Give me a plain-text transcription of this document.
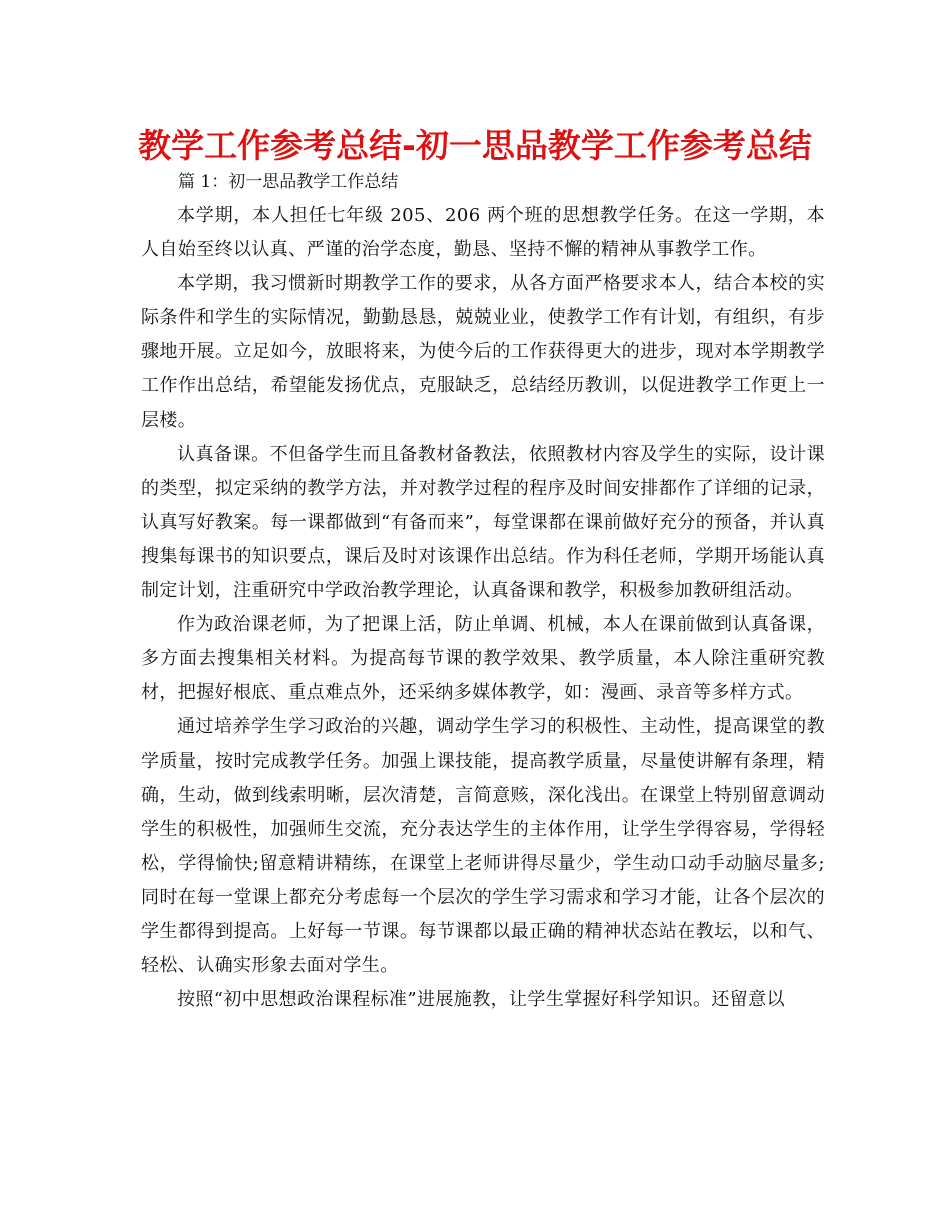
教学工作参考总结-初一思品教学工作参考总结
篇 1：初一思品教学工作总结

本学期，本人担任七年级 205、206 两个班的思想教学任务。在这一学期，本人自始至终以认真、严谨的治学态度，勤恳、坚持不懈的精神从事教学工作。

本学期，我习惯新时期教学工作的要求，从各方面严格要求本人，结合本校的实际条件和学生的实际情况，勤勤恳恳，兢兢业业，使教学工作有计划，有组织，有步骤地开展。立足如今，放眼将来，为使今后的工作获得更大的进步，现对本学期教学工作作出总结，希望能发扬优点，克服缺乏，总结经历教训，以促进教学工作更上一层楼。

认真备课。不但备学生而且备教材备教法，依照教材内容及学生的实际，设计课的类型，拟定采纳的教学方法，并对教学过程的程序及时间安排都作了详细的记录，认真写好教案。每一课都做到“有备而来”，每堂课都在课前做好充分的预备，并认真搜集每课书的知识要点，课后及时对该课作出总结。作为科任老师，学期开场能认真制定计划，注重研究中学政治教学理论，认真备课和教学，积极参加教研组活动。

作为政治课老师，为了把课上活，防止单调、机械，本人在课前做到认真备课，多方面去搜集相关材料。为提高每节课的教学效果、教学质量，本人除注重研究教材，把握好根底、重点难点外，还采纳多媒体教学，如：漫画、录音等多样方式。

通过培养学生学习政治的兴趣，调动学生学习的积极性、主动性，提高课堂的教学质量，按时完成教学任务。加强上课技能，提高教学质量，尽量使讲解有条理，精确，生动，做到线索明晰，层次清楚，言简意赅，深化浅出。在课堂上特别留意调动学生的积极性，加强师生交流，充分表达学生的主体作用，让学生学得容易，学得轻松，学得愉快;留意精讲精练，在课堂上老师讲得尽量少，学生动口动手动脑尽量多;同时在每一堂课上都充分考虑每一个层次的学生学习需求和学习才能，让各个层次的学生都得到提高。上好每一节课。每节课都以最正确的精神状态站在教坛，以和气、轻松、认确实形象去面对学生。

按照“初中思想政治课程标准”进展施教，让学生掌握好科学知识。还留意以
